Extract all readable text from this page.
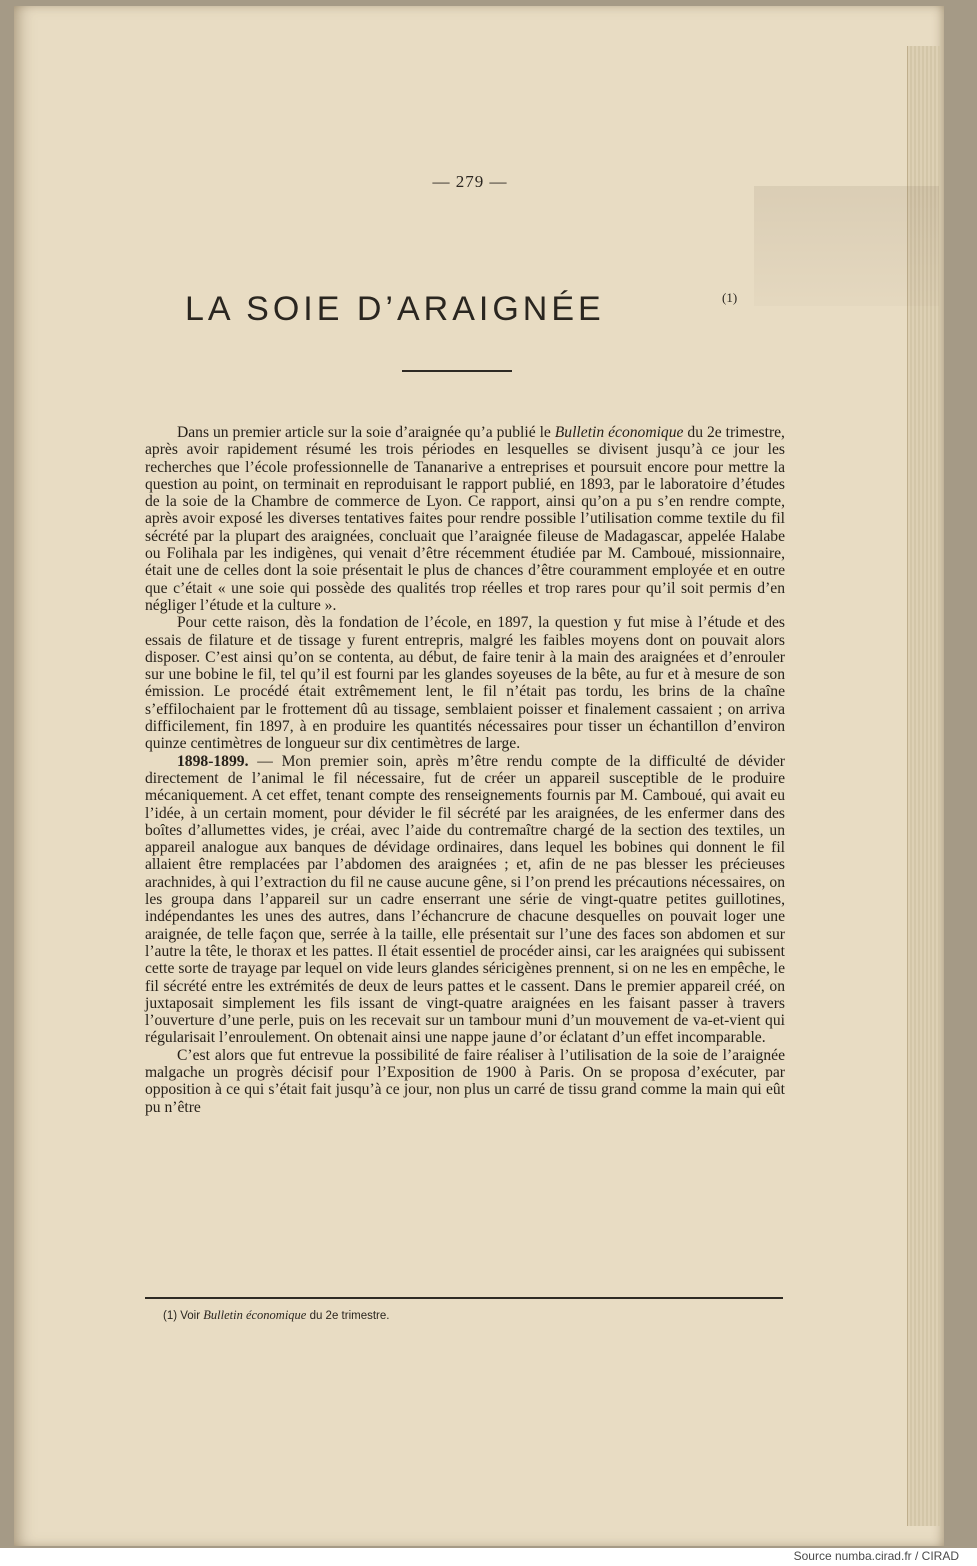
— 279 —
LA SOIE D’ARAIGNÉE	(1)

Dans un premier article sur la soie d’araignée qu’a publié le Bulletin économique du 2e trimestre, après avoir rapidement résumé les trois périodes en lesquelles se divisent jusqu’à ce jour les recherches que l’école professionnelle de Tananarive a entreprises et poursuit encore pour mettre la question au point, on terminait en reproduisant le rapport publié, en 1893, par le laboratoire d’études de la soie de la Chambre de commerce de Lyon. Ce rapport, ainsi qu’on a pu s’en rendre compte, après avoir exposé les diverses tentatives faites pour rendre possible l’utilisation comme textile du fil sécrété par la plupart des araignées, concluait que l’araignée fileuse de Madagascar, appelée Halabe ou Folihala par les indigènes, qui venait d’être récemment étudiée par M. Camboué, missionnaire, était une de celles dont la soie présentait le plus de chances d’être couramment employée et en outre que c’était « une soie qui possède des qualités trop réelles et trop rares pour qu’il soit permis d’en négliger l’étude et la culture ».

Pour cette raison, dès la fondation de l’école, en 1897, la question y fut mise à l’étude et des essais de filature et de tissage y furent entrepris, malgré les faibles moyens dont on pouvait alors disposer. C’est ainsi qu’on se contenta, au début, de faire tenir à la main des araignées et d’enrouler sur une bobine le fil, tel qu’il est fourni par les glandes soyeuses de la bête, au fur et à mesure de son émission. Le procédé était extrêmement lent, le fil n’était pas tordu, les brins de la chaîne s’effilochaient par le frottement dû au tissage, semblaient poisser et finalement cassaient ; on arriva difficilement, fin 1897, à en produire les quantités nécessaires pour tisser un échantillon d’environ quinze centimètres de longueur sur dix centimètres de large.

1898-1899. — Mon premier soin, après m’être rendu compte de la difficulté de dévider directement de l’animal le fil nécessaire, fut de créer un appareil susceptible de le produire mécaniquement. A cet effet, tenant compte des renseignements fournis par M. Camboué, qui avait eu l’idée, à un certain moment, pour dévider le fil sécrété par les araignées, de les enfermer dans des boîtes d’allumettes vides, je créai, avec l’aide du contremaître chargé de la section des textiles, un appareil analogue aux banques de dévidage ordinaires, dans lequel les bobines qui donnent le fil allaient être remplacées par l’abdomen des araignées ; et, afin de ne pas blesser les précieuses arachnides, à qui l’extraction du fil ne cause aucune gêne, si l’on prend les précautions nécessaires, on les groupa dans l’appareil sur un cadre enserrant une série de vingt-quatre petites guillotines, indépendantes les unes des autres, dans l’échancrure de chacune desquelles on pouvait loger une araignée, de telle façon que, serrée à la taille, elle présentait sur l’une des faces son abdomen et sur l’autre la tête, le thorax et les pattes. Il était essentiel de procéder ainsi, car les araignées qui subissent cette sorte de trayage par lequel on vide leurs glandes séricigènes prennent, si on ne les en empêche, le fil sécrété entre les extrémités de deux de leurs pattes et le cassent. Dans le premier appareil créé, on juxtaposait simplement les fils issant de vingt-quatre araignées en les faisant passer à travers l’ouverture d’une perle, puis on les recevait sur un tambour muni d’un mouvement de va-et-vient qui régularisait l’enroulement. On obtenait ainsi une nappe jaune d’or éclatant d’un effet incomparable.

C’est alors que fut entrevue la possibilité de faire réaliser à l’utilisation de la soie de l’araignée malgache un progrès décisif pour l’Exposition de 1900 à Paris. On se proposa d’exécuter, par opposition à ce qui s’était fait jusqu’à ce jour, non plus un carré de tissu grand comme la main qui eût pu n’être

(1) Voir Bulletin économique du 2e trimestre.
Source numba.cirad.fr / CIRAD
